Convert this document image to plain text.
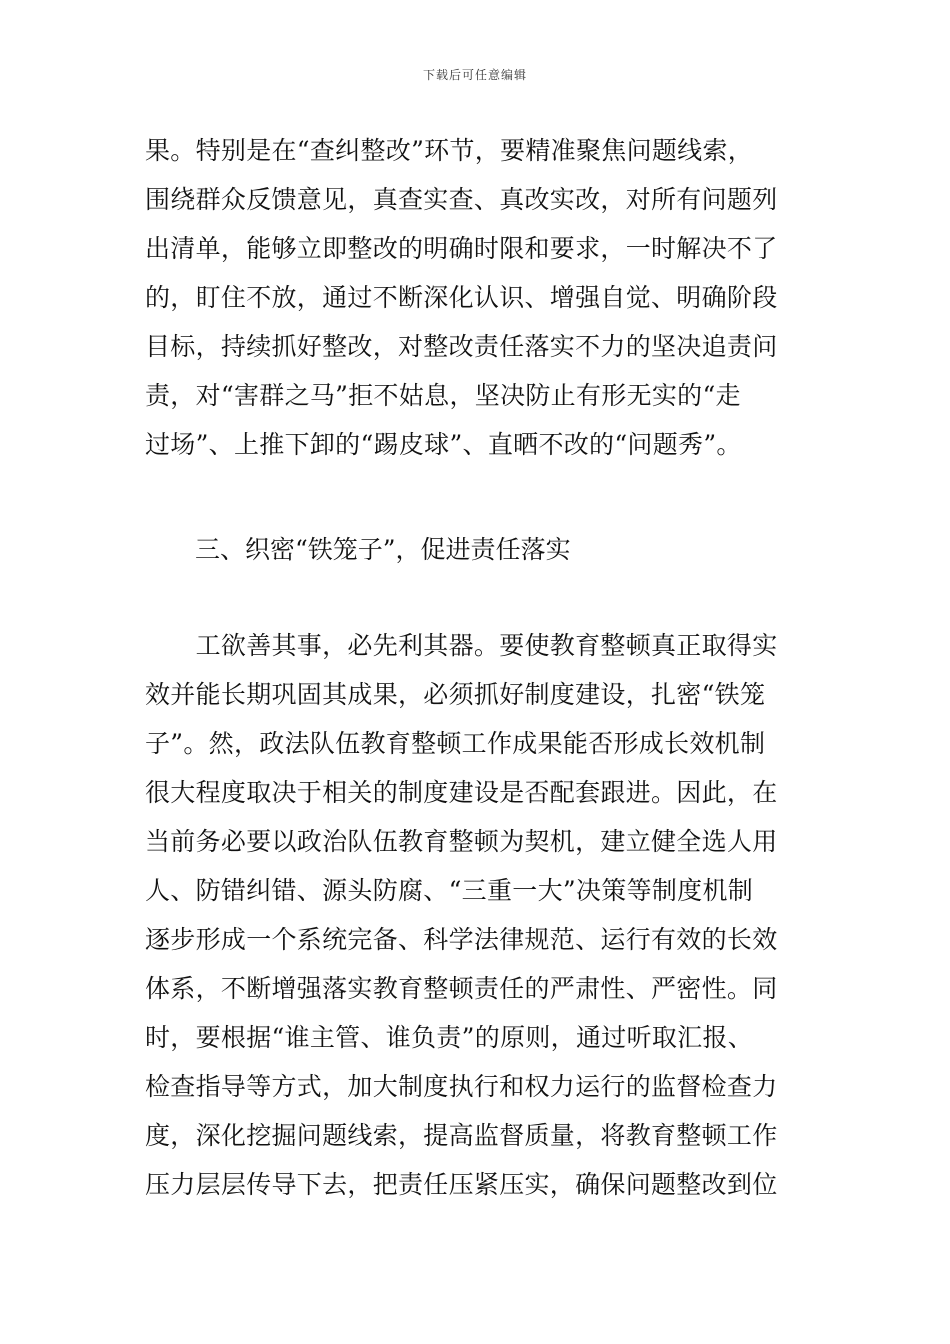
下载后可任意编辑
果。特别是在“查纠整改”环节，要精准聚焦问题线索，
围绕群众反馈意见，真查实查、真改实改，对所有问题列
出清单，能够立即整改的明确时限和要求，一时解决不了
的，盯住不放，通过不断深化认识、增强自觉、明确阶段
目标，持续抓好整改，对整改责任落实不力的坚决追责问
责，对“害群之马”拒不姑息，坚决防止有形无实的“走
过场”、上推下卸的“踢皮球”、直晒不改的“问题秀”。
三、织密“铁笼子”，促进责任落实
　　工欲善其事，必先利其器。要使教育整顿真正取得实
效并能长期巩固其成果，必须抓好制度建设，扎密“铁笼
子”。然，政法队伍教育整顿工作成果能否形成长效机制
很大程度取决于相关的制度建设是否配套跟进。因此，在
当前务必要以政治队伍教育整顿为契机，建立健全选人用
人、防错纠错、源头防腐、“三重一大”决策等制度机制
逐步形成一个系统完备、科学法律规范、运行有效的长效
体系，不断增强落实教育整顿责任的严肃性、严密性。同
时，要根据“谁主管、谁负责”的原则，通过听取汇报、
检查指导等方式，加大制度执行和权力运行的监督检查力
度，深化挖掘问题线索，提高监督质量，将教育整顿工作
压力层层传导下去，把责任压紧压实，确保问题整改到位
